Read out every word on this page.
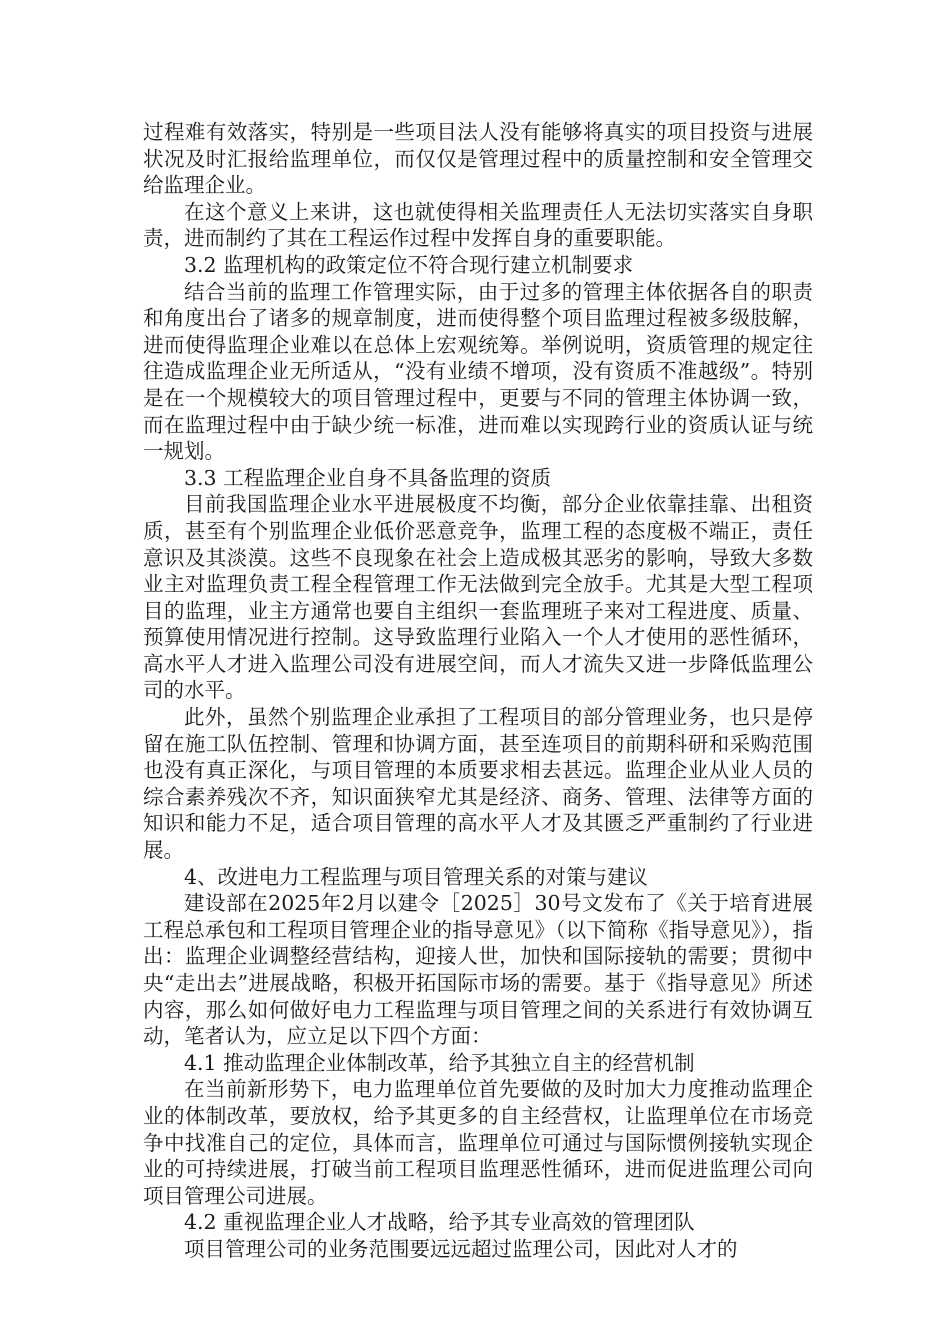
过程难有效落实，特别是一些项目法人没有能够将真实的项目投资与进展状况及时汇报给监理单位，而仅仅是管理过程中的质量控制和安全管理交给监理企业。

在这个意义上来讲，这也就使得相关监理责任人无法切实落实自身职责，进而制约了其在工程运作过程中发挥自身的重要职能。

3.2 监理机构的政策定位不符合现行建立机制要求

结合当前的监理工作管理实际，由于过多的管理主体依据各自的职责和角度出台了诸多的规章制度，进而使得整个项目监理过程被多级肢解，进而使得监理企业难以在总体上宏观统筹。举例说明，资质管理的规定往往造成监理企业无所适从，“没有业绩不增项，没有资质不准越级”。特别是在一个规模较大的项目管理过程中，更要与不同的管理主体协调一致，而在监理过程中由于缺少统一标准，进而难以实现跨行业的资质认证与统一规划。

3.3 工程监理企业自身不具备监理的资质

目前我国监理企业水平进展极度不均衡，部分企业依靠挂靠、出租资质，甚至有个别监理企业低价恶意竞争，监理工程的态度极不端正，责任意识及其淡漠。这些不良现象在社会上造成极其恶劣的影响，导致大多数业主对监理负责工程全程管理工作无法做到完全放手。尤其是大型工程项目的监理，业主方通常也要自主组织一套监理班子来对工程进度、质量、预算使用情况进行控制。这导致监理行业陷入一个人才使用的恶性循环，高水平人才进入监理公司没有进展空间，而人才流失又进一步降低监理公司的水平。

此外，虽然个别监理企业承担了工程项目的部分管理业务，也只是停留在施工队伍控制、管理和协调方面，甚至连项目的前期科研和采购范围也没有真正深化，与项目管理的本质要求相去甚远。监理企业从业人员的综合素养残次不齐，知识面狭窄尤其是经济、商务、管理、法律等方面的知识和能力不足，适合项目管理的高水平人才及其匮乏严重制约了行业进展。

4、改进电力工程监理与项目管理关系的对策与建议

建设部在2025年2月以建令［2025］30号文发布了《关于培育进展工程总承包和工程项目管理企业的指导意见》（以下简称《指导意见》），指出：监理企业调整经营结构，迎接人世，加快和国际接轨的需要；贯彻中央“走出去”进展战略，积极开拓国际市场的需要。基于《指导意见》所述内容，那么如何做好电力工程监理与项目管理之间的关系进行有效协调互动，笔者认为，应立足以下四个方面：

4.1 推动监理企业体制改革，给予其独立自主的经营机制

在当前新形势下，电力监理单位首先要做的及时加大力度推动监理企业的体制改革，要放权，给予其更多的自主经营权，让监理单位在市场竞争中找准自己的定位，具体而言，监理单位可通过与国际惯例接轨实现企业的可持续进展，打破当前工程项目监理恶性循环，进而促进监理公司向项目管理公司进展。

4.2 重视监理企业人才战略，给予其专业高效的管理团队

项目管理公司的业务范围要远远超过监理公司，因此对人才的
